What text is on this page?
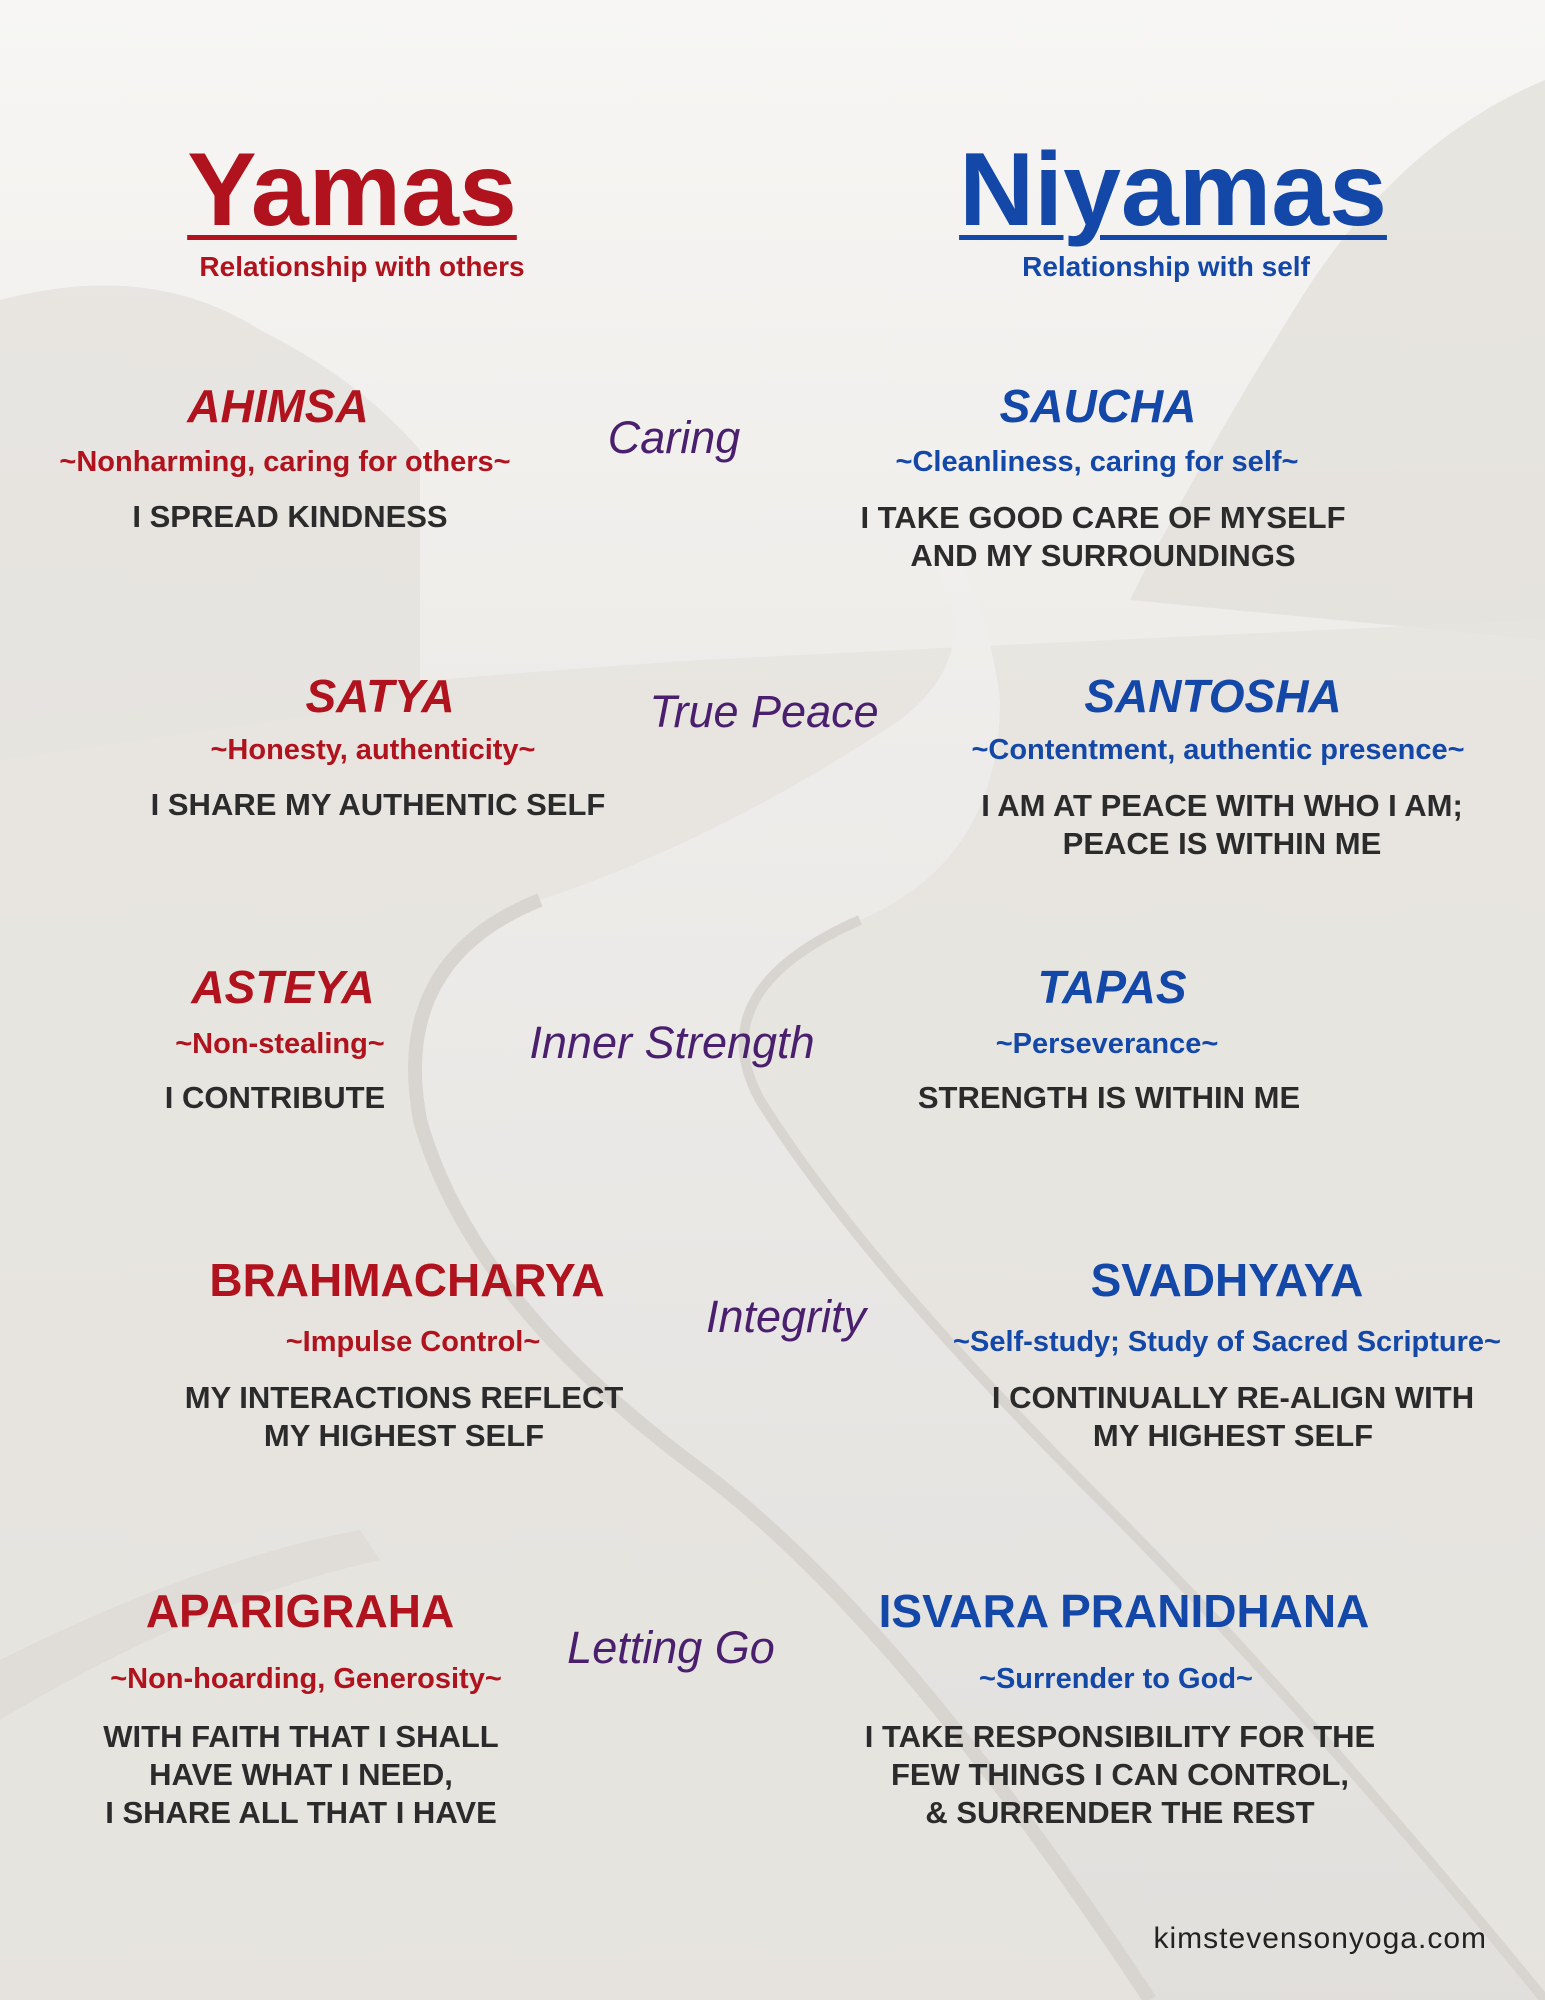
Yamas
Relationship with others
Niyamas
Relationship with self
AHIMSA
~Nonharming, caring for others~
I SPREAD KINDNESS
SAUCHA
~Cleanliness, caring for self~
I TAKE GOOD CARE OF MYSELF
AND MY SURROUNDINGS
Caring
SATYA
~Honesty, authenticity~
I SHARE MY AUTHENTIC SELF
SANTOSHA
~Contentment, authentic presence~
I AM AT PEACE WITH WHO I AM;
PEACE IS WITHIN ME
True Peace
ASTEYA
~Non-stealing~
I CONTRIBUTE
TAPAS
~Perseverance~
STRENGTH IS WITHIN ME
Inner Strength
BRAHMACHARYA
~Impulse Control~
MY INTERACTIONS REFLECT
MY HIGHEST SELF
SVADHYAYA
~Self-study; Study of Sacred Scripture~
I CONTINUALLY RE-ALIGN WITH
MY HIGHEST SELF
Integrity
APARIGRAHA
~Non-hoarding, Generosity~
WITH FAITH THAT I SHALL
HAVE WHAT I NEED,
I SHARE ALL THAT I HAVE
ISVARA PRANIDHANA
~Surrender to God~
I TAKE RESPONSIBILITY FOR THE
FEW THINGS I CAN CONTROL,
& SURRENDER THE REST
Letting Go
kimstevensonyoga.com
